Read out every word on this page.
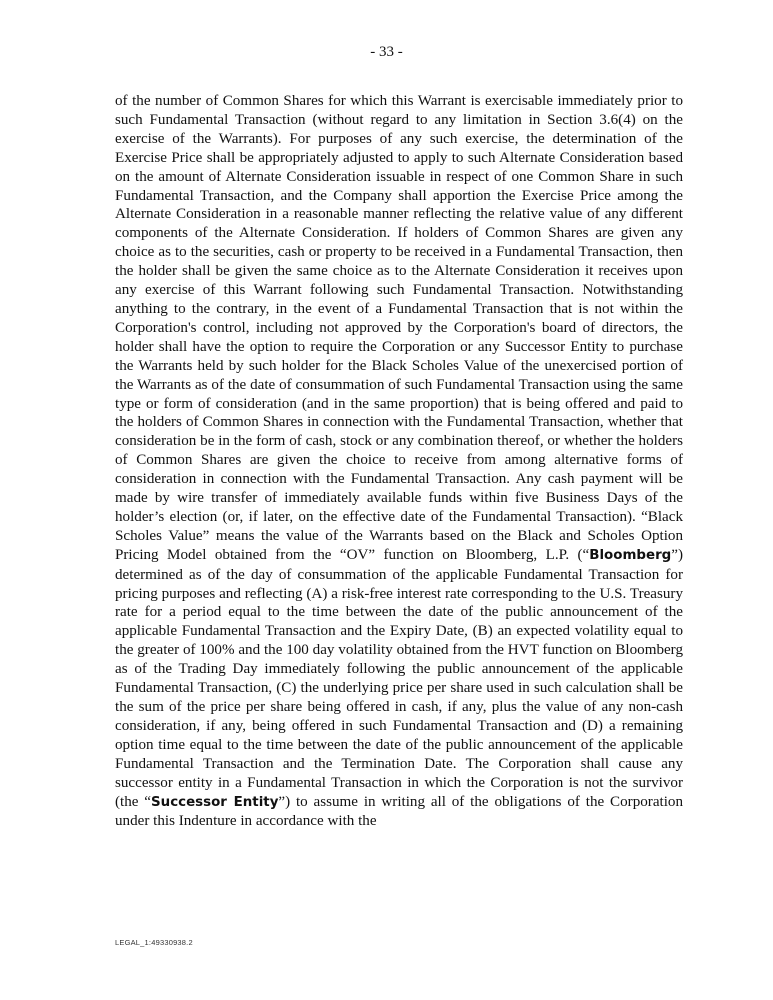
- 33 -

of the number of Common Shares for which this Warrant is exercisable immediately prior to such Fundamental Transaction (without regard to any limitation in Section 3.6(4) on the exercise of the Warrants). For purposes of any such exercise, the determination of the Exercise Price shall be appropriately adjusted to apply to such Alternate Consideration based on the amount of Alternate Consideration issuable in respect of one Common Share in such Fundamental Transaction, and the Company shall apportion the Exercise Price among the Alternate Consideration in a reasonable manner reflecting the relative value of any different components of the Alternate Consideration. If holders of Common Shares are given any choice as to the securities, cash or property to be received in a Fundamental Transaction, then the holder shall be given the same choice as to the Alternate Consideration it receives upon any exercise of this Warrant following such Fundamental Transaction. Notwithstanding anything to the contrary, in the event of a Fundamental Transaction that is not within the Corporation's control, including not approved by the Corporation's board of directors, the holder shall have the option to require the Corporation or any Successor Entity to purchase the Warrants held by such holder for the Black Scholes Value of the unexercised portion of the Warrants as of the date of consummation of such Fundamental Transaction using the same type or form of consideration (and in the same proportion) that is being offered and paid to the holders of Common Shares in connection with the Fundamental Transaction, whether that consideration be in the form of cash, stock or any combination thereof, or whether the holders of Common Shares are given the choice to receive from among alternative forms of consideration in connection with the Fundamental Transaction. Any cash payment will be made by wire transfer of immediately available funds within five Business Days of the holder’s election (or, if later, on the effective date of the Fundamental Transaction). “Black Scholes Value” means the value of the Warrants based on the Black and Scholes Option Pricing Model obtained from the “OV” function on Bloomberg, L.P. (“Bloomberg”) determined as of the day of consummation of the applicable Fundamental Transaction for pricing purposes and reflecting (A) a risk-free interest rate corresponding to the U.S. Treasury rate for a period equal to the time between the date of the public announcement of the applicable Fundamental Transaction and the Expiry Date, (B) an expected volatility equal to the greater of 100% and the 100 day volatility obtained from the HVT function on Bloomberg as of the Trading Day immediately following the public announcement of the applicable Fundamental Transaction, (C) the underlying price per share used in such calculation shall be the sum of the price per share being offered in cash, if any, plus the value of any non-cash consideration, if any, being offered in such Fundamental Transaction and (D) a remaining option time equal to the time between the date of the public announcement of the applicable Fundamental Transaction and the Termination Date. The Corporation shall cause any successor entity in a Fundamental Transaction in which the Corporation is not the survivor (the “Successor Entity”) to assume in writing all of the obligations of the Corporation under this Indenture in accordance with the

LEGAL_1:49330938.2
